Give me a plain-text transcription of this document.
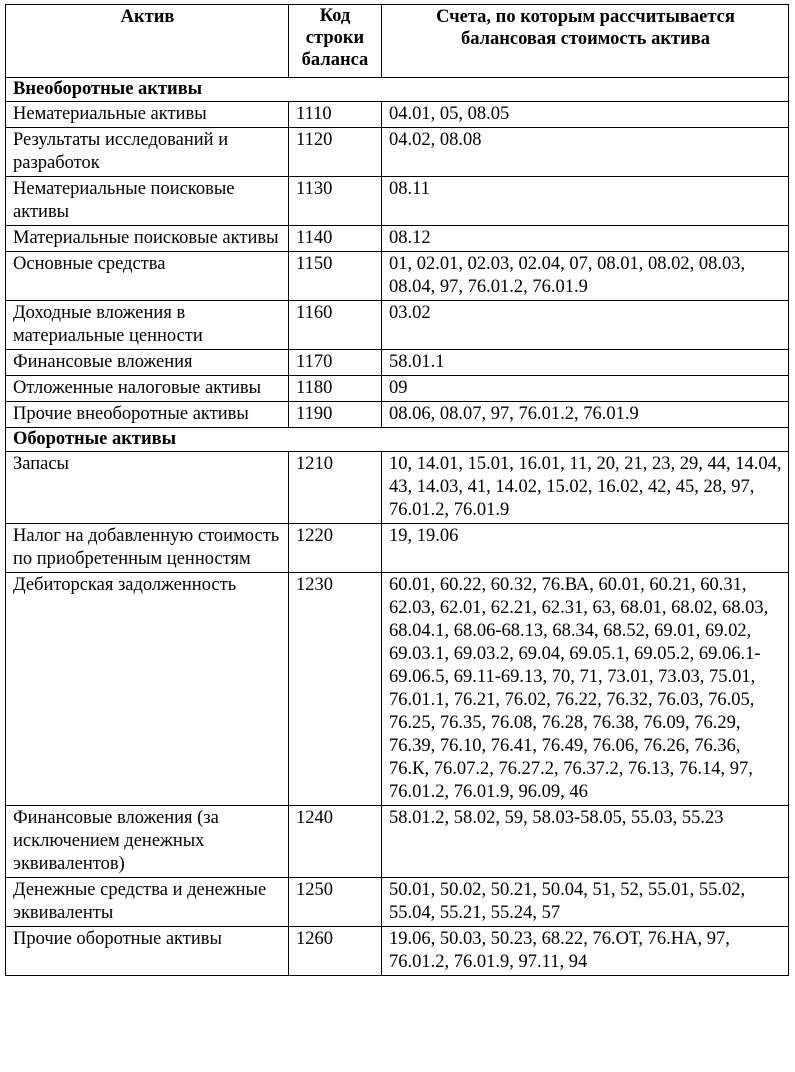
Актив	Код строки баланса	Счета, по которым рассчитывается балансовая стоимость актива
Внеоборотные активы		
Нематериальные активы	1110	04.01, 05, 08.05
Результаты исследований и разработок	1120	04.02, 08.08
Нематериальные поисковые активы	1130	08.11
Материальные поисковые активы	1140	08.12
Основные средства	1150	01, 02.01, 02.03, 02.04, 07, 08.01, 08.02, 08.03, 08.04, 97, 76.01.2, 76.01.9
Доходные вложения в материальные ценности	1160	03.02
Финансовые вложения	1170	58.01.1
Отложенные налоговые активы	1180	09
Прочие внеоборотные активы	1190	08.06, 08.07, 97, 76.01.2, 76.01.9
Оборотные активы		
Запасы	1210	10, 14.01, 15.01, 16.01, 11, 20, 21, 23, 29, 44, 14.04, 43, 14.03, 41, 14.02, 15.02, 16.02, 42, 45, 28, 97, 76.01.2, 76.01.9
Налог на добавленную стоимость по приобретенным ценностям	1220	19, 19.06
Дебиторская задолженность	1230	60.01, 60.22, 60.32, 76.ВА, 60.01, 60.21, 60.31, 62.03, 62.01, 62.21, 62.31, 63, 68.01, 68.02, 68.03, 68.04.1, 68.06-68.13, 68.34, 68.52, 69.01, 69.02, 69.03.1, 69.03.2, 69.04, 69.05.1, 69.05.2, 69.06.1-69.06.5, 69.11-69.13, 70, 71, 73.01, 73.03, 75.01, 76.01.1, 76.21, 76.02, 76.22, 76.32, 76.03, 76.05, 76.25, 76.35, 76.08, 76.28, 76.38, 76.09, 76.29, 76.39, 76.10, 76.41, 76.49, 76.06, 76.26, 76.36, 76.К, 76.07.2, 76.27.2, 76.37.2, 76.13, 76.14, 97, 76.01.2, 76.01.9, 96.09, 46
Финансовые вложения (за исключением денежных эквивалентов)	1240	58.01.2, 58.02, 59, 58.03-58.05, 55.03, 55.23
Денежные средства и денежные эквиваленты	1250	50.01, 50.02, 50.21, 50.04, 51, 52, 55.01, 55.02, 55.04, 55.21, 55.24, 57
Прочие оборотные активы	1260	19.06, 50.03, 50.23, 68.22, 76.ОТ, 76.НА, 97, 76.01.2, 76.01.9, 97.11, 94
